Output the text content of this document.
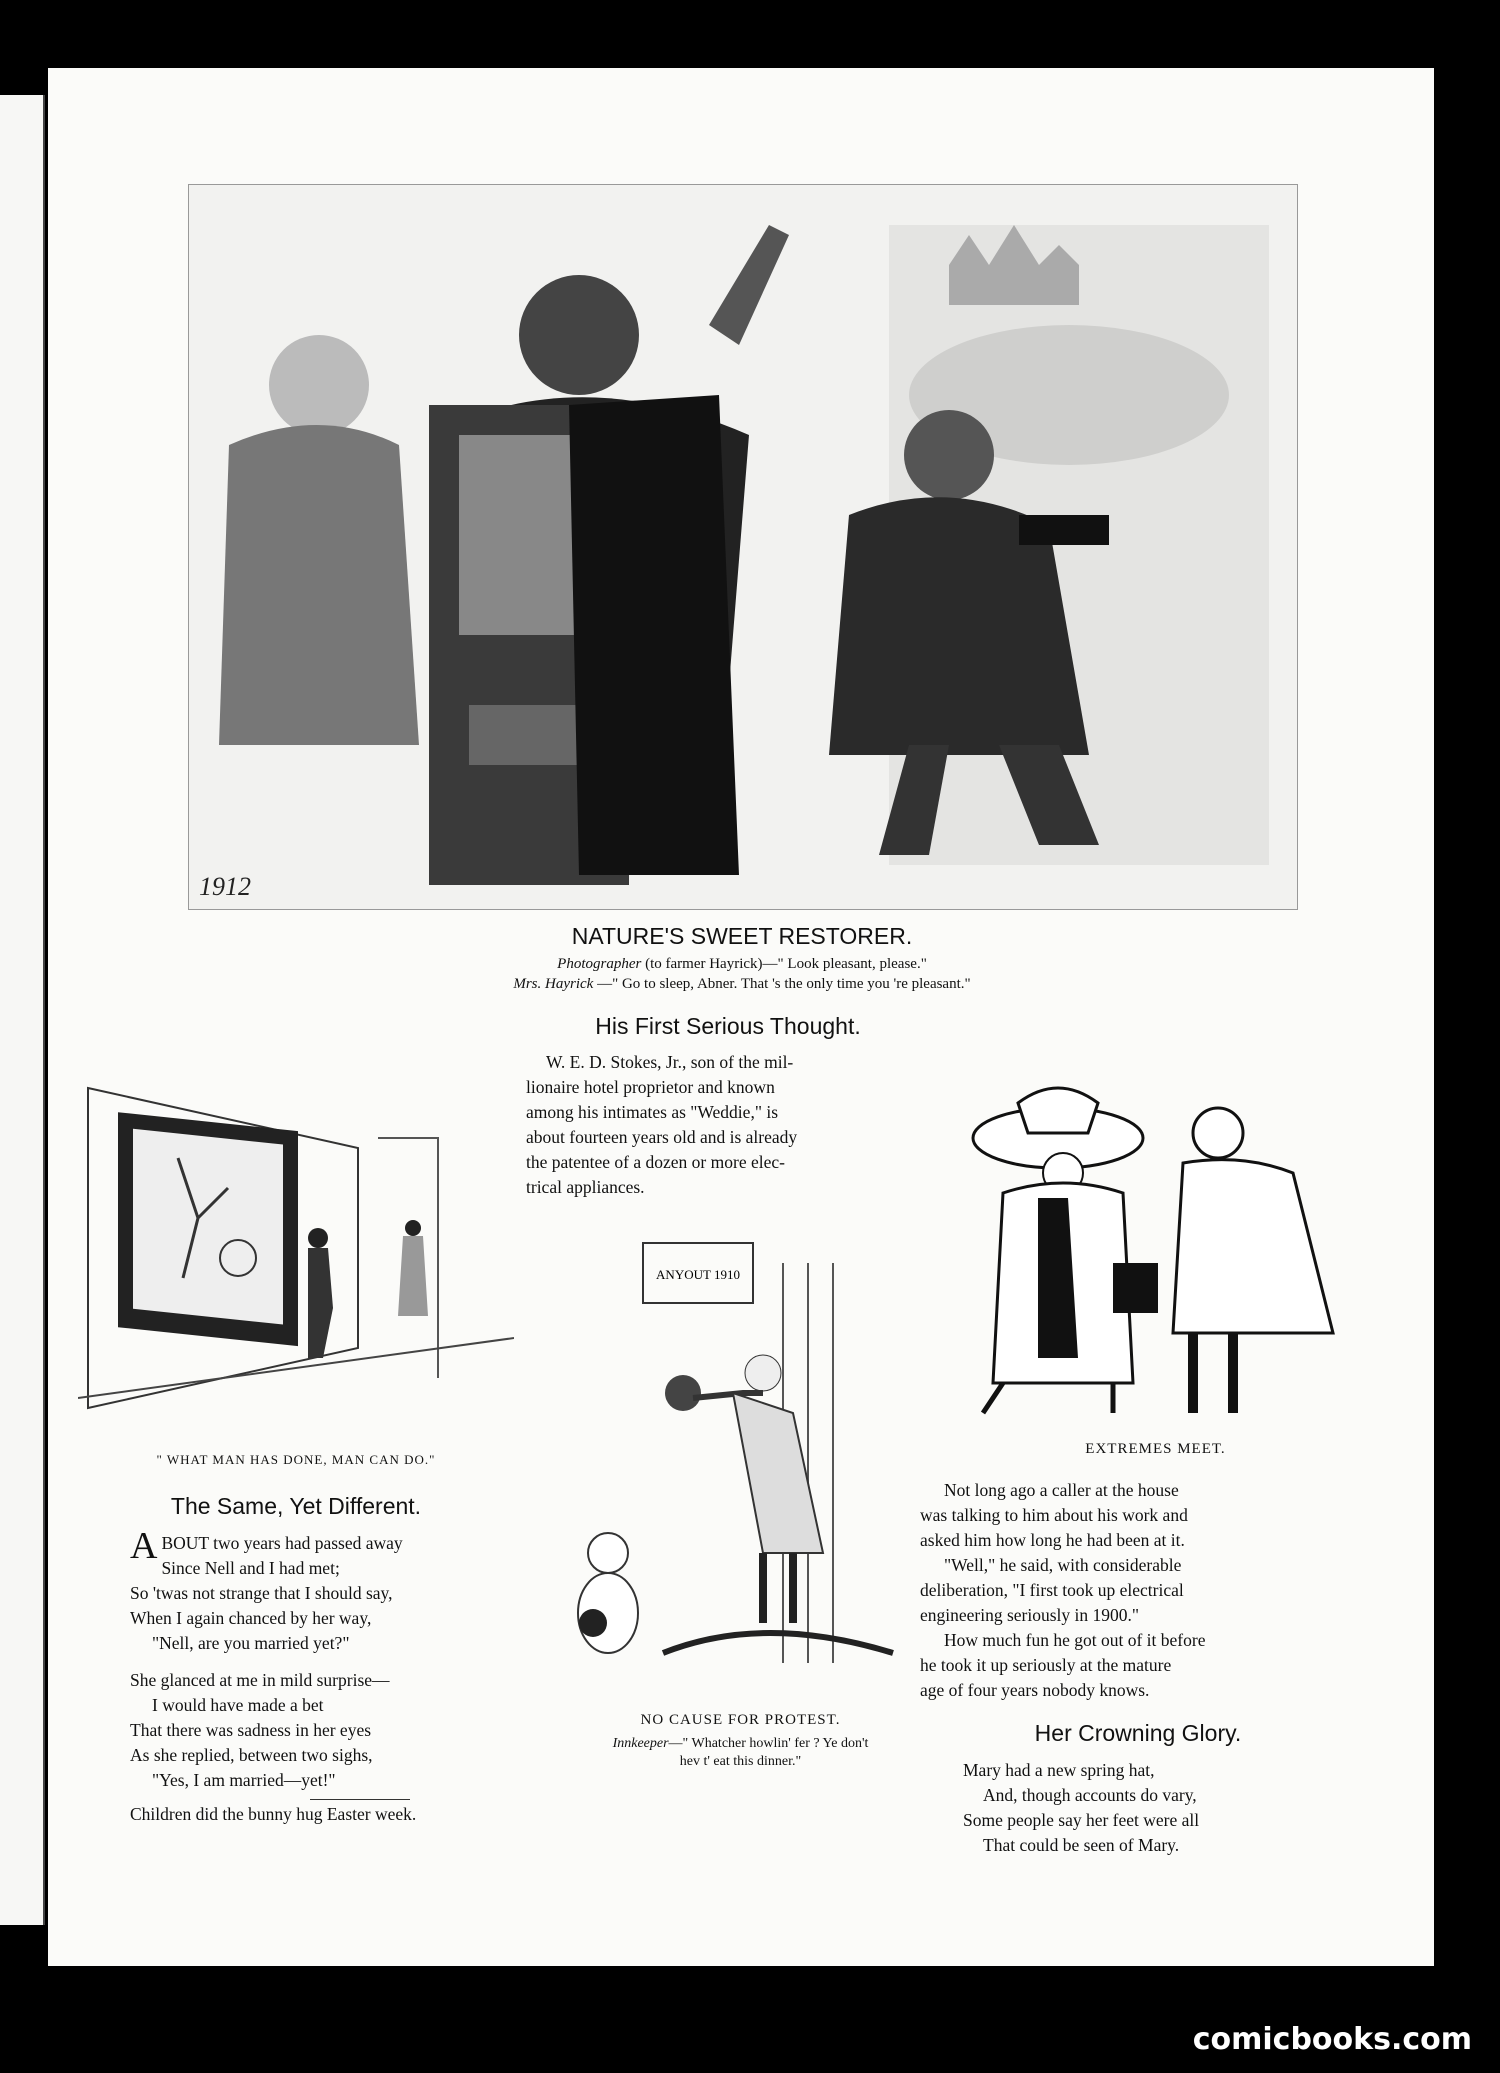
1912
NATURE'S SWEET RESTORER.
Photographer (to farmer Hayrick)—" Look pleasant, please."
Mrs. Hayrick —" Go to sleep, Abner. That 's the only time you 're pleasant."
" WHAT MAN HAS DONE, MAN CAN DO."
The Same, Yet Different.
A BOUT two years had passed away
Since Nell and I had met;
So 'twas not strange that I should say,
When I again chanced by her way,
"Nell, are you married yet?"
She glanced at me in mild surprise—
I would have made a bet
That there was sadness in her eyes
As she replied, between two sighs,
"Yes, I am married—yet!"
Children did the bunny hug Easter week.
His First Serious Thought.
W. E. D. Stokes, Jr., son of the mil-
lionaire hotel proprietor and known
among his intimates as "Weddie," is
about fourteen years old and is already
the patentee of a dozen or more elec-
trical appliances.
ANYOUT 1910
NO CAUSE FOR PROTEST.
Innkeeper—" Whatcher howlin' fer ? Ye don't
hev t' eat this dinner."
EXTREMES MEET.
Not long ago a caller at the house
was talking to him about his work and
asked him how long he had been at it.
"Well," he said, with considerable
deliberation, "I first took up electrical
engineering seriously in 1900."
How much fun he got out of it before
he took it up seriously at the mature
age of four years nobody knows.
Her Crowning Glory.
Mary had a new spring hat,
And, though accounts do vary,
Some people say her feet were all
That could be seen of Mary.
comicbooks.com
